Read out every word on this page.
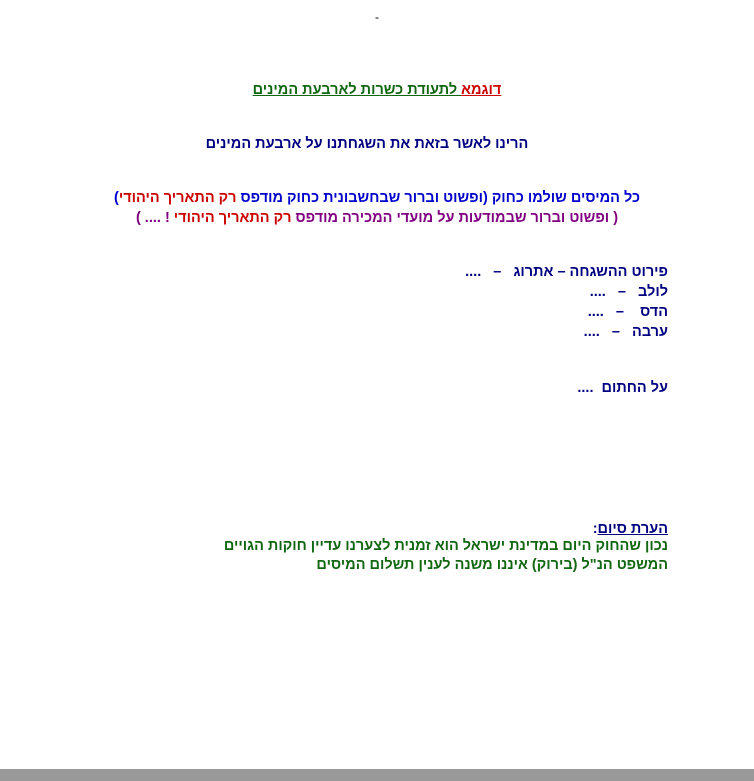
-
דוגמא לתעודת כשרות לארבעת המינים
הרינו לאשר בזאת את השגחתנו על ארבעת המינים
כל המיסים שולמו כחוק (ופשוט וברור שבחשבונית כחוק מודפס רק התאריך היהודי)
( ופשוט וברור שבמודעות על מועדי המכירה מודפס רק התאריך היהודי ! .... )
פירוט ההשגחה – אתרוג   –   ....
לולב   –   ....
הדס    –   ....
ערבה   –   ....
על החתום  ....
הערת סיום:
נכון שהחוק היום במדינת ישראל הוא זמנית לצערנו עדיין חוקות הגויים
המשפט הנ"ל (בירוק) איננו משנה לענין תשלום המיסים
